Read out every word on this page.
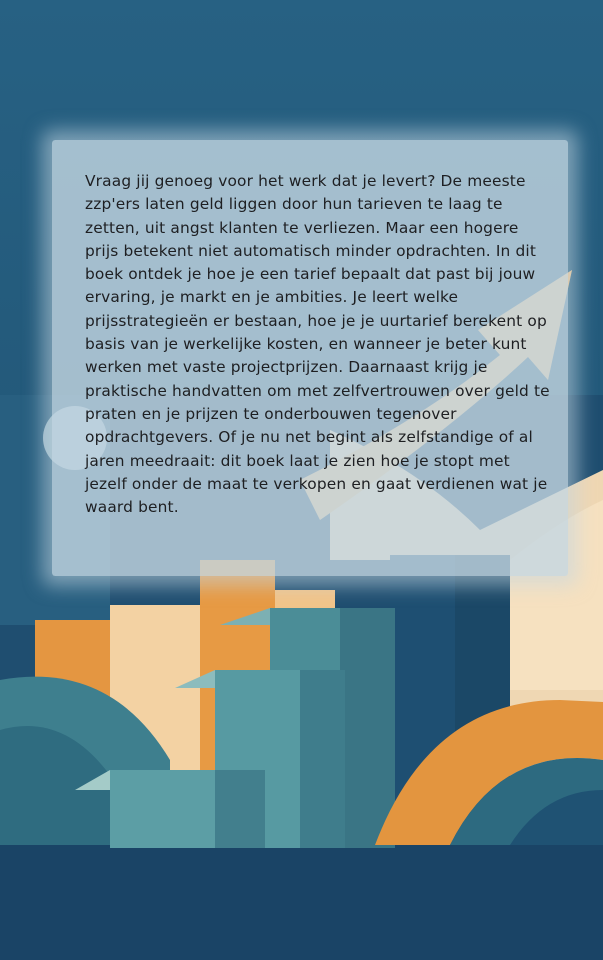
Vraag jij genoeg voor het werk dat je levert? De meeste zzp'ers laten geld liggen door hun tarieven te laag te zetten, uit angst klanten te verliezen. Maar een hogere prijs betekent niet automatisch minder opdrachten. In dit boek ontdek je hoe je een tarief bepaalt dat past bij jouw ervaring, je markt en je ambities. Je leert welke prijsstrategieën er bestaan, hoe je je uurtarief berekent op basis van je werkelijke kosten, en wanneer je beter kunt werken met vaste projectprijzen. Daarnaast krijg je praktische handvatten om met zelfvertrouwen over geld te praten en je prijzen te onderbouwen tegenover opdrachtgevers. Of je nu net begint als zelfstandige of al jaren meedraait: dit boek laat je zien hoe je stopt met jezelf onder de maat te verkopen en gaat verdienen wat je waard bent.
